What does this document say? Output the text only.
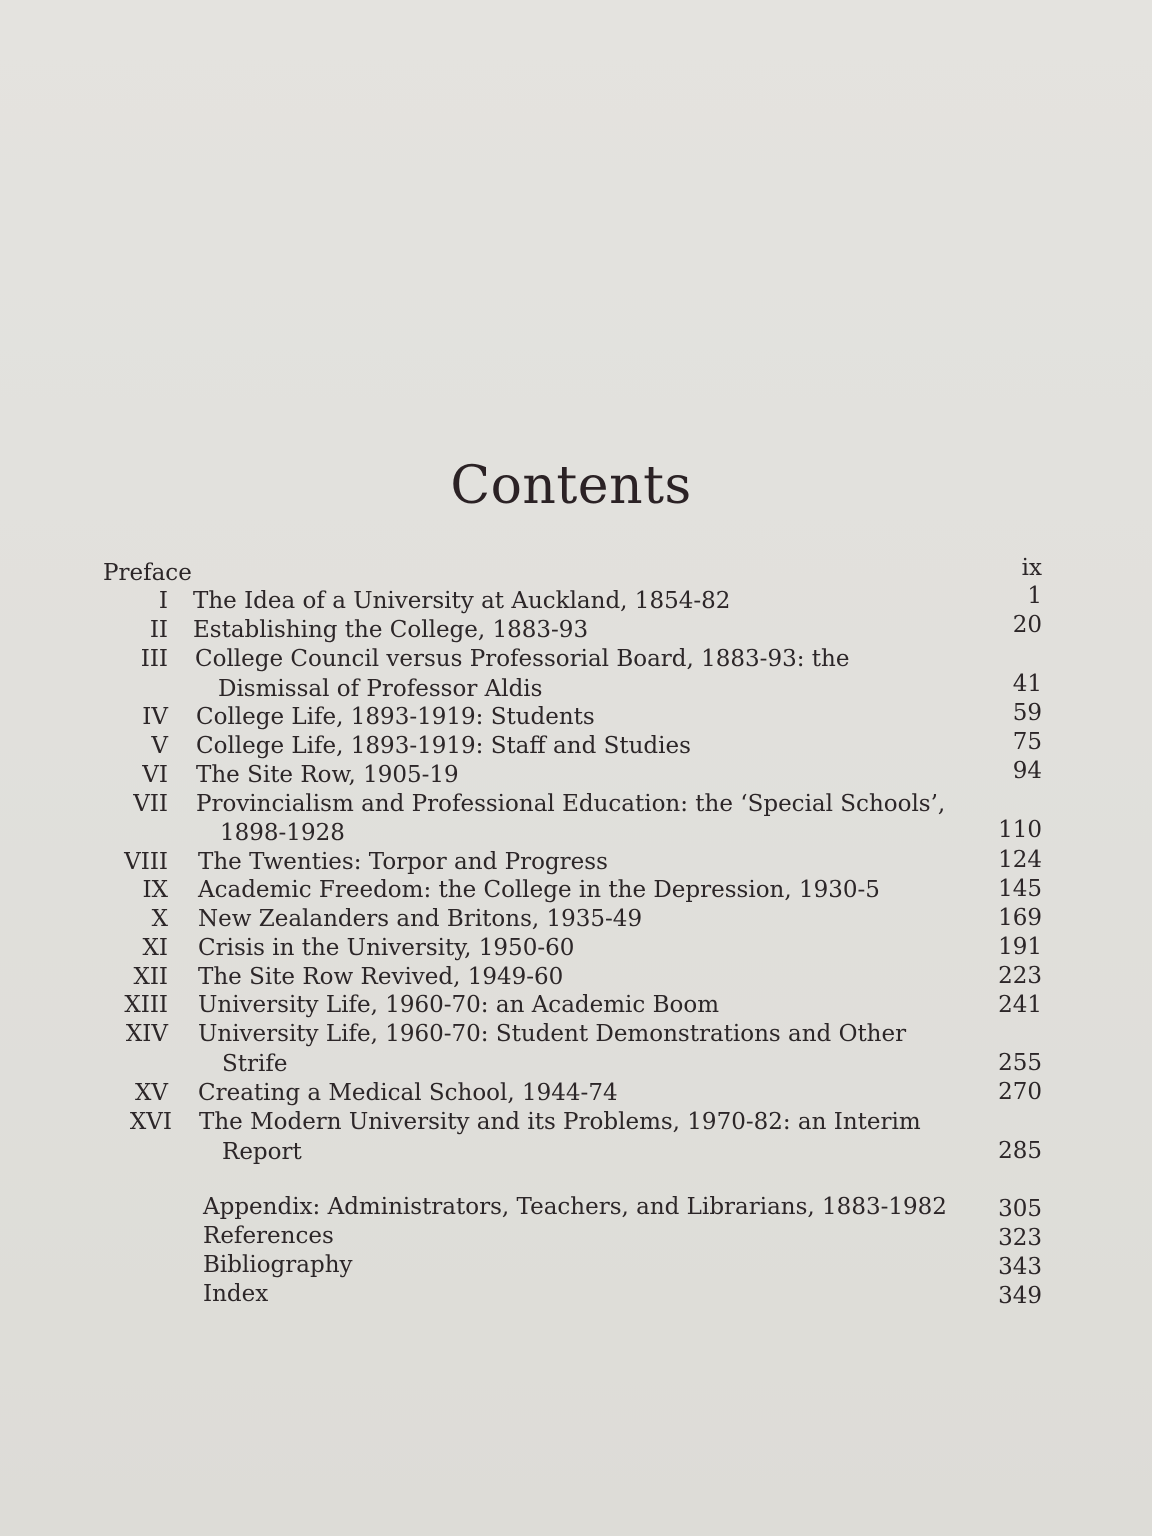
Contents
Preface	ix
I The Idea of a University at Auckland, 1854-82	1
II Establishing the College, 1883-93	20
III College Council versus Professorial Board, 1883-93: the
Dismissal of Professor Aldis	41
IV College Life, 1893-1919: Students	59
V College Life, 1893-1919: Staff and Studies	75
VI The Site Row, 1905-19	94
VII Provincialism and Professional Education: the ‘Special Schools’,
1898-1928	110
VIII The Twenties: Torpor and Progress	124
IX Academic Freedom: the College in the Depression, 1930-5	145
X New Zealanders and Britons, 1935-49	169
XI Crisis in the University, 1950-60	191
XII The Site Row Revived, 1949-60	223
XIII University Life, 1960-70: an Academic Boom	241
XIV University Life, 1960-70: Student Demonstrations and Other
Strife	255
XV Creating a Medical School, 1944-74	270
XVI The Modern University and its Problems, 1970-82: an Interim
Report	285
Appendix: Administrators, Teachers, and Librarians, 1883-1982	305
References	323
Bibliography	343
Index	349
